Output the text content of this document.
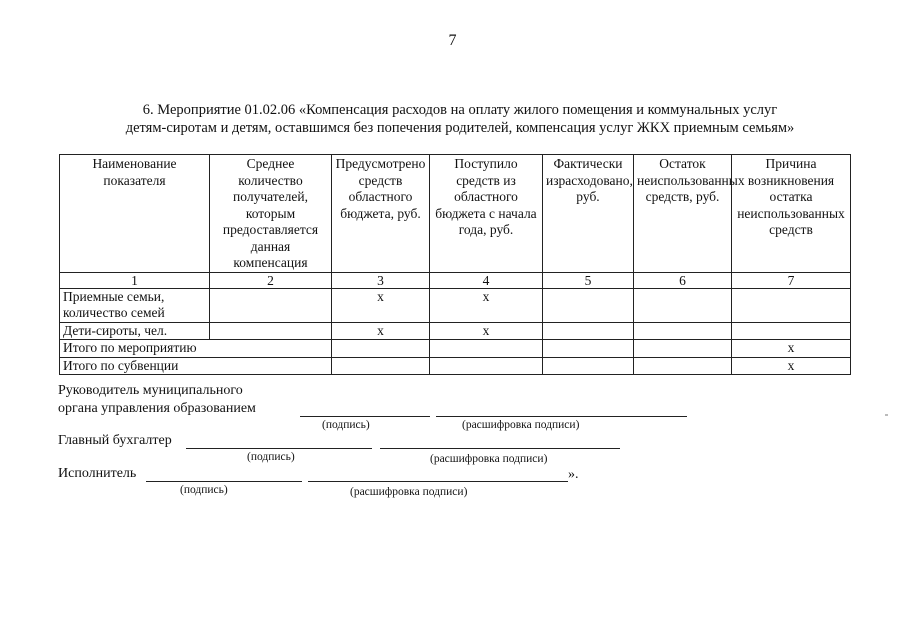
7
6. Мероприятие 01.02.06 «Компенсация расходов на оплату жилого помещения и коммунальных услуг
детям-сиротам и детям, оставшимся без попечения родителей, компенсация услуг ЖКХ приемным семьям»
Наименование показателя	Среднее количество получателей, которым предоставляется данная компенсация	Предусмотрено средств областного бюджета, руб.	Поступило средств из областного бюджета с начала года, руб.	Фактически израсходовано, руб.	Остаток неиспользованных средств, руб.	Причина возникновения остатка неиспользованных средств
1	2	3	4	5	6	7
Приемные семьи, количество семей		x	x			
Дети-сироты, чел.		x	x			
Итого по мероприятию						x
Итого по субвенции						x
Руководитель муниципального
органа управления образованием
(подпись)	(расшифровка подписи)
Главный бухгалтер
(подпись)	(расшифровка подписи)
Исполнитель	».
(подпись)	(расшифровка подписи)
